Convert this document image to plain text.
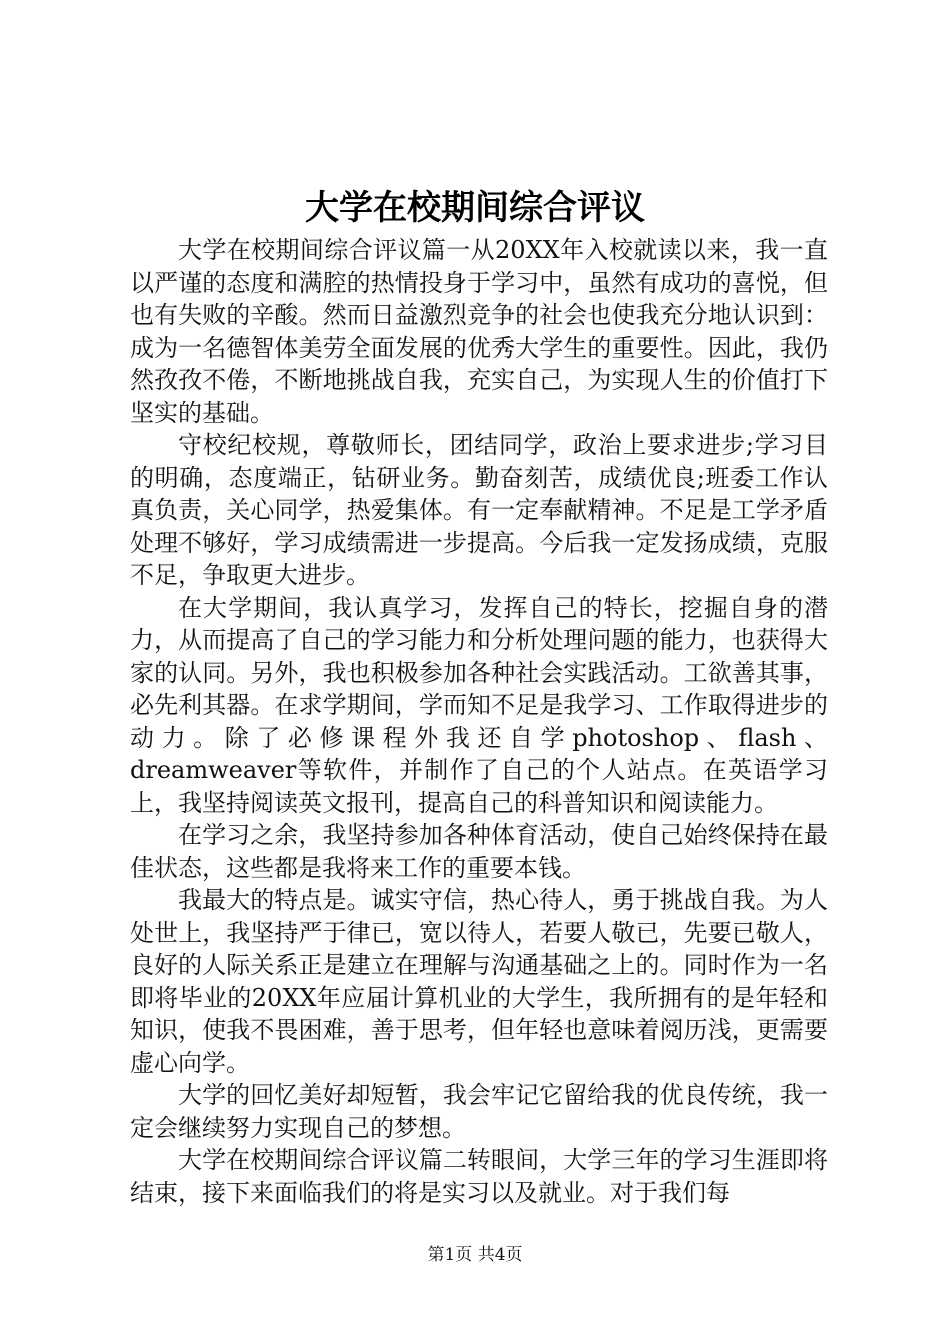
大学在校期间综合评议

大学在校期间综合评议篇一从20XX年入校就读以来，我一直以严谨的态度和满腔的热情投身于学习中，虽然有成功的喜悦，但也有失败的辛酸。然而日益激烈竞争的社会也使我充分地认识到：成为一名德智体美劳全面发展的优秀大学生的重要性。因此，我仍然孜孜不倦，不断地挑战自我，充实自己，为实现人生的价值打下坚实的基础。

守校纪校规，尊敬师长，团结同学，政治上要求进步;学习目的明确，态度端正，钻研业务。勤奋刻苦，成绩优良;班委工作认真负责，关心同学，热爱集体。有一定奉献精神。不足是工学矛盾处理不够好，学习成绩需进一步提高。今后我一定发扬成绩，克服不足，争取更大进步。

在大学期间，我认真学习，发挥自己的特长，挖掘自身的潜力，从而提高了自己的学习能力和分析处理问题的能力，也获得大家的认同。另外，我也积极参加各种社会实践活动。工欲善其事，必先利其器。在求学期间，学而知不足是我学习、工作取得进步的动力。除了必修课程外我还自学photoshop、flash、dreamweaver等软件，并制作了自己的个人站点。在英语学习上，我坚持阅读英文报刊，提高自己的科普知识和阅读能力。

在学习之余，我坚持参加各种体育活动，使自己始终保持在最佳状态，这些都是我将来工作的重要本钱。

我最大的特点是。诚实守信，热心待人，勇于挑战自我。为人处世上，我坚持严于律已，宽以待人，若要人敬已，先要已敬人，良好的人际关系正是建立在理解与沟通基础之上的。同时作为一名即将毕业的20XX年应届计算机业的大学生，我所拥有的是年轻和知识，使我不畏困难，善于思考，但年轻也意味着阅历浅，更需要虚心向学。

大学的回忆美好却短暂，我会牢记它留给我的优良传统，我一定会继续努力实现自己的梦想。

大学在校期间综合评议篇二转眼间，大学三年的学习生涯即将结束，接下来面临我们的将是实习以及就业。对于我们每

第1页 共4页
